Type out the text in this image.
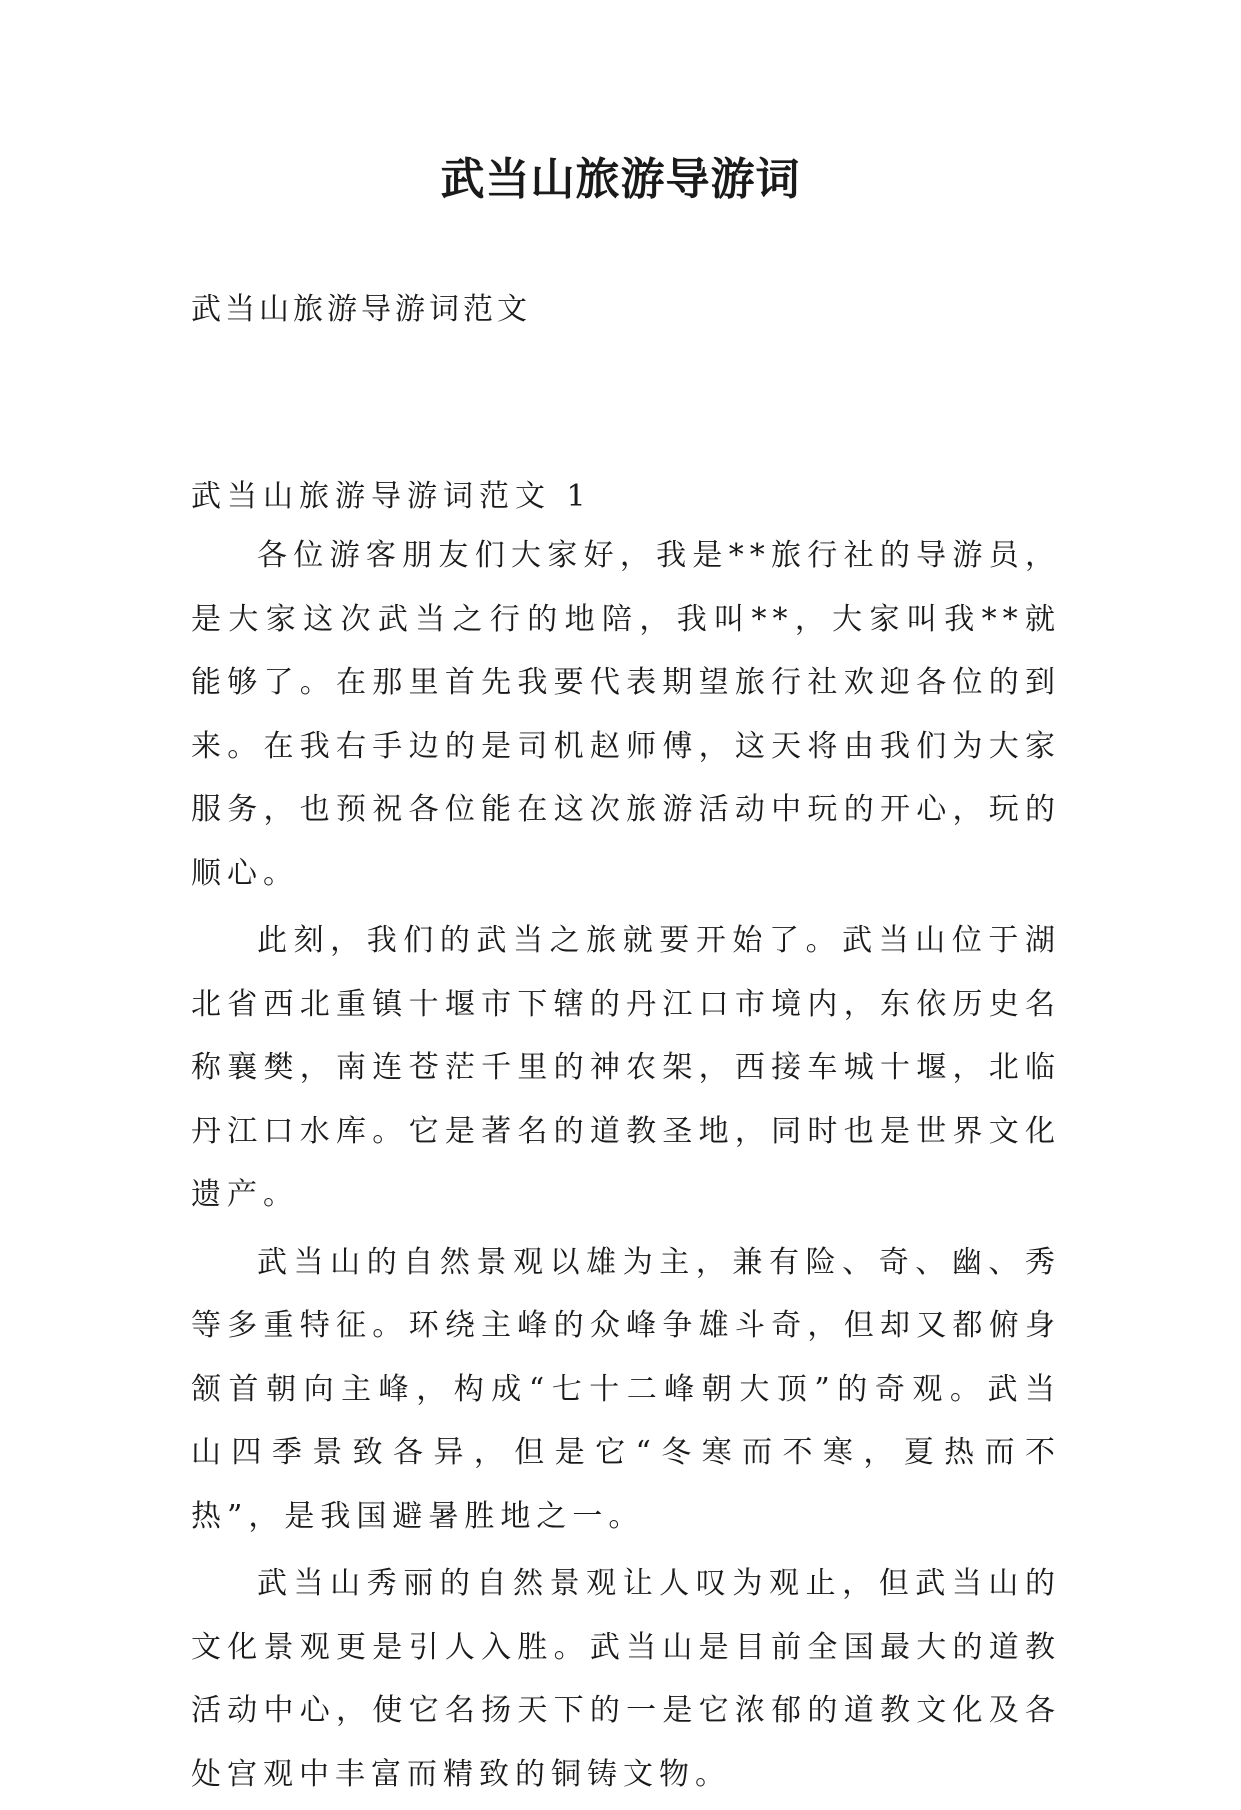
武当山旅游导游词
武当山旅游导游词范文

武当山旅游导游词范文 1

各位游客朋友们大家好，我是**旅行社的导游员，是大家这次武当之行的地陪，我叫**，大家叫我**就能够了。在那里首先我要代表期望旅行社欢迎各位的到来。在我右手边的是司机赵师傅，这天将由我们为大家服务，也预祝各位能在这次旅游活动中玩的开心，玩的顺心。

此刻，我们的武当之旅就要开始了。武当山位于湖北省西北重镇十堰市下辖的丹江口市境内，东依历史名称襄樊，南连苍茫千里的神农架，西接车城十堰，北临丹江口水库。它是著名的道教圣地，同时也是世界文化遗产。

武当山的自然景观以雄为主，兼有险、奇、幽、秀等多重特征。环绕主峰的众峰争雄斗奇，但却又都俯身颔首朝向主峰，构成“七十二峰朝大顶”的奇观。武当山四季景致各异，但是它“冬寒而不寒，夏热而不热”，是我国避暑胜地之一。

武当山秀丽的自然景观让人叹为观止，但武当山的文化景观更是引人入胜。武当山是目前全国最大的道教活动中心，使它名扬天下的一是它浓郁的道教文化及各处宫观中丰富而精致的铜铸文物。
